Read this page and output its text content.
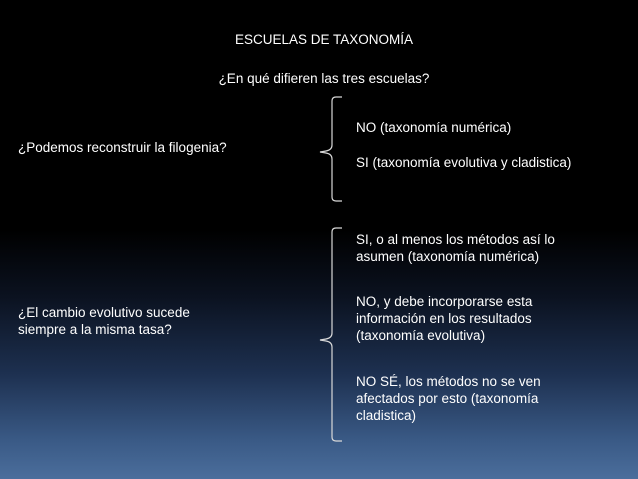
ESCUELAS DE TAXONOMÍA
¿En qué difieren las tres escuelas?
¿Podemos reconstruir la filogenia?
NO (taxonomía numérica)
SI (taxonomía evolutiva y cladistica)
¿El cambio evolutivo sucede
siempre a la misma tasa?
SI, o al menos los métodos así lo
asumen (taxonomía numérica)
NO, y debe incorporarse esta
información en los resultados
(taxonomía evolutiva)
NO SÉ, los métodos no se ven
afectados por esto (taxonomía
cladistica)
